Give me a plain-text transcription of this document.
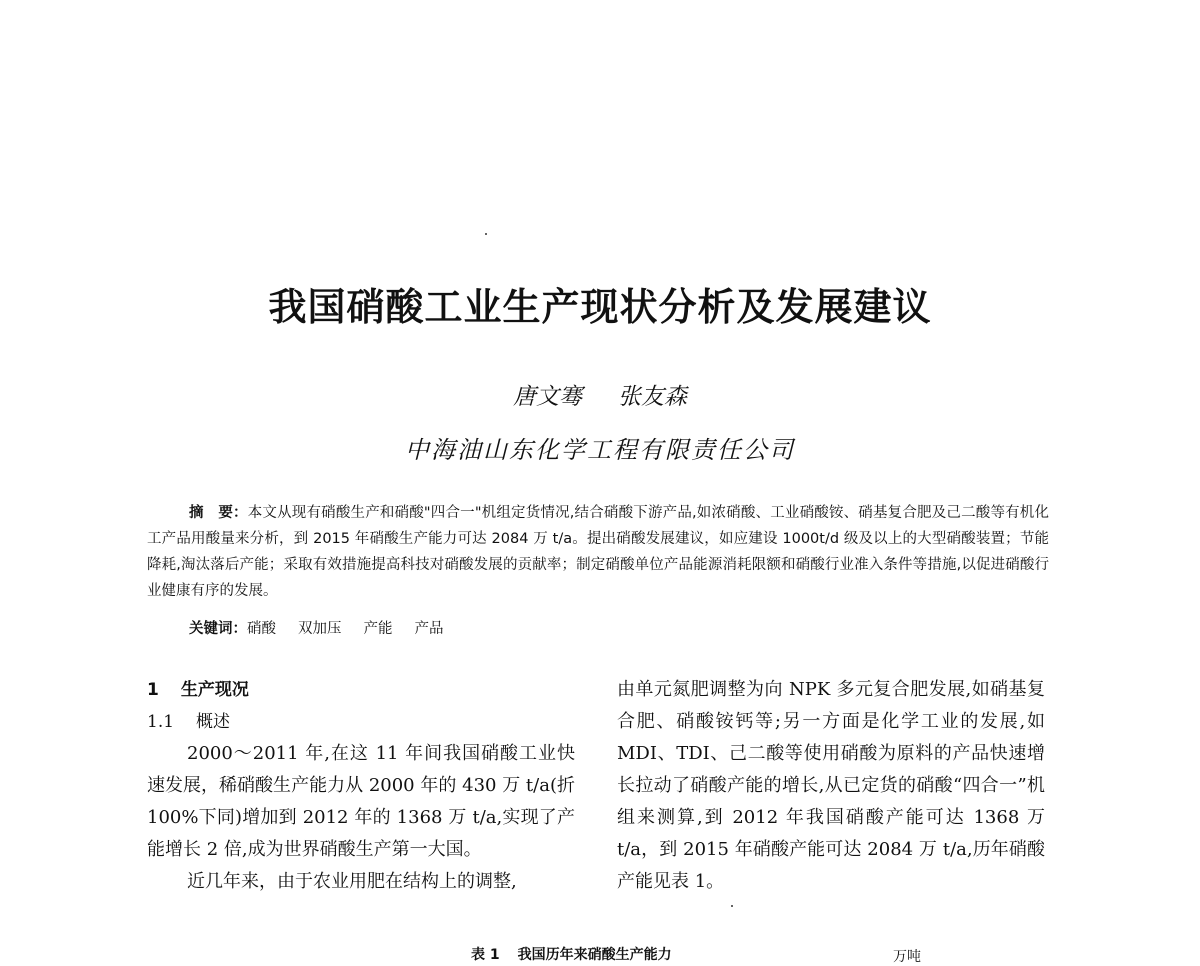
我国硝酸工业生产现状分析及发展建议
唐文骞 张友森
中海油山东化学工程有限责任公司
摘　要：本文从现有硝酸生产和硝酸"四合一"机组定货情况,结合硝酸下游产品,如浓硝酸、工业硝酸铵、硝基复合肥及己二酸等有机化工产品用酸量来分析，到 2015 年硝酸生产能力可达 2084 万 t/a。提出硝酸发展建议，如应建设 1000t/d 级及以上的大型硝酸装置；节能降耗,淘汰落后产能；采取有效措施提高科技对硝酸发展的贡献率；制定硝酸单位产品能源消耗限额和硝酸行业准入条件等措施,以促进硝酸行业健康有序的发展。
关键词：硝酸 双加压 产能 产品
1 生产现况
1.1 概述

2000～2011 年,在这 11 年间我国硝酸工业快速发展，稀硝酸生产能力从 2000 年的 430 万 t/a(折 100%下同)增加到 2012 年的 1368 万 t/a,实现了产能增长 2 倍,成为世界硝酸生产第一大国。

近几年来，由于农业用肥在结构上的调整,

由单元氮肥调整为向 NPK 多元复合肥发展,如硝基复合肥、硝酸铵钙等;另一方面是化学工业的发展,如 MDI、TDI、己二酸等使用硝酸为原料的产品快速增长拉动了硝酸产能的增长,从已定货的硝酸“四合一”机组来测算,到 2012 年我国硝酸产能可达 1368 万 t/a，到 2015 年硝酸产能可达 2084 万 t/a,历年硝酸产能见表 1。

表 1 我国历年来硝酸生产能力	万吨
